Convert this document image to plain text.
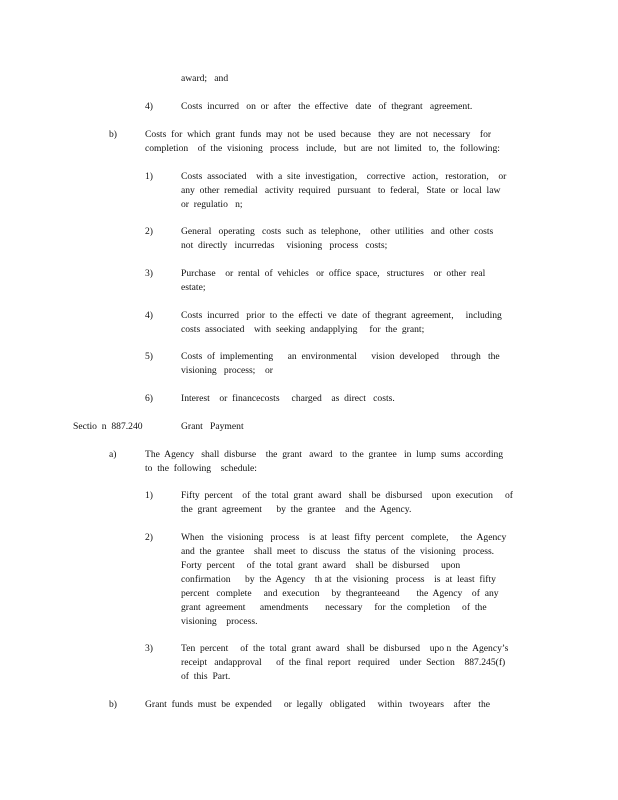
award;   and
4)	Costs  incurred   on  or  after   the  effective   date   of  thegrant   agreement.
b)	Costs  for  which  grant  funds  may  not  be  used  because   they  are  not  necessary    for
completion    of  the  visioning   process   include,   but  are  not  limited   to,  the  following:
1)	Costs  associated    with  a  site  investigation,    corrective   action,   restoration,    or
any  other  remedial   activity  required   pursuant   to  federal,   State  or  local  law
or  regulatio   n;
2)	General   operating   costs  such  as  telephone,    other  utilities   and  other  costs
not  directly   incurredas     visioning   process   costs;
3)	Purchase    or  rental  of  vehicles   or  office  space,   structures    or  other  real
estate;
4)	Costs  incurred   prior  to  the  effecti  ve  date  of  thegrant  agreement,     including
costs  associated    with  seeking  andapplying     for  the  grant;
5)	Costs  of  implementing      an  environmental      vision  developed     through   the
visioning   process;    or
6)	Interest    or  financecosts     charged    as  direct   costs.
Sectio  n  887.240	Grant   Payment
a)	The  Agency   shall  disburse    the  grant   award   to  the  grantee   in  lump  sums  according
to  the  following    schedule:
1)	Fifty  percent    of  the  total  grant  award   shall  be  disbursed    upon  execution     of
the  grant  agreement      by  the  grantee    and  the  Agency.
2)	When   the  visioning   process    is  at  least  fifty  percent   complete,     the  Agency
and  the  grantee    shall  meet  to  discuss   the  status  of  the  visioning   process.
Forty  percent     of  the  total  grant  award    shall  be  disbursed     upon
confirmation      by  the  Agency    th at  the  visioning   process    is  at  least  fifty
percent   complete     and  execution     by  thegranteeand       the  Agency    of  any
grant  agreement      amendments       necessary     for  the  completion     of  the
visioning    process.
3)	Ten  percent     of  the  total  grant  award   shall  be  disbursed    upo n  the  Agency’s
receipt   andapproval      of  the  final  report   required    under  Section    887.245(f)
of  this  Part.
b)	Grant  funds  must  be  expended     or  legally   obligated     within   twoyears    after   the
